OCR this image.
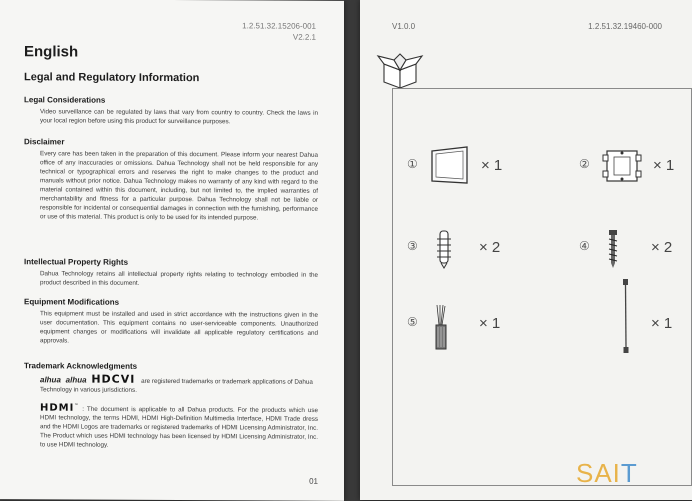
1.2.51.32.15206-001
V2.2.1
English
Legal and Regulatory Information
Legal Considerations

Video surveillance can be regulated by laws that vary from country to country. Check the laws in your local region before using this product for surveillance purposes.

Disclaimer

Every care has been taken in the preparation of this document. Please inform your nearest Dahua office of any inaccuracies or omissions. Dahua Technology shall not be held responsible for any technical or typographical errors and reserves the right to make changes to the product and manuals without prior notice. Dahua Technology makes no warranty of any kind with regard to the material contained within this document, including, but not limited to, the implied warranties of merchantability and fitness for a particular purpose. Dahua Technology shall not be liable or responsible for incidental or consequential damages in connection with the furnishing, performance or use of this material. This product is only to be used for its intended purpose.

Intellectual Property Rights

Dahua Technology retains all intellectual property rights relating to technology embodied in the product described in this document.

Equipment Modifications

This equipment must be installed and used in strict accordance with the instructions given in the user documentation. This equipment contains no user-serviceable components. Unauthorized equipment changes or modifications will invalidate all applicable regulatory certifications and approvals.

Trademark Acknowledgments
alhua alhua HDCVI are registered trademarks or trademark applications of Dahua Technology in various jurisdictions.
HDMI™ : The document is applicable to all Dahua products. For the products which use HDMI technology, the terms HDMI, HDMI High-Definition Multimedia Interface, HDMI Trade dress and the HDMI Logos are trademarks or registered trademarks of HDMI Licensing Administrator, Inc. The Product which uses HDMI technology has been licensed by HDMI Licensing Administrator, Inc. to use HDMI technology.
01
V1.0.0	1.2.51.32.19460-000
①	× 1	②	× 1
③	× 2	④	× 2
⑤	× 1	× 1
SAIT
